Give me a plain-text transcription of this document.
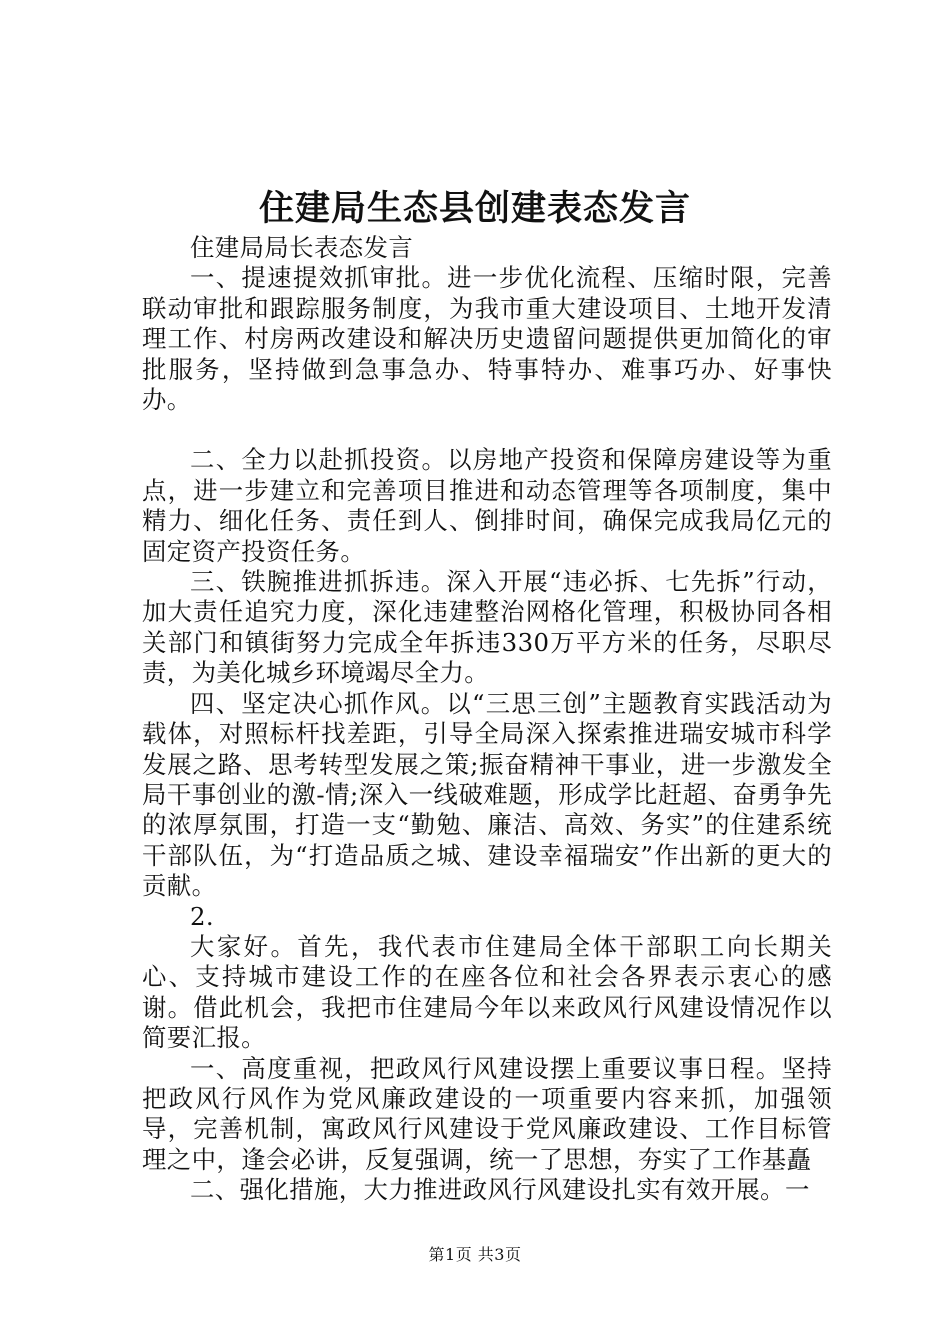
住建局生态县创建表态发言

住建局局长表态发言

一、提速提效抓审批。进一步优化流程、压缩时限，完善联动审批和跟踪服务制度，为我市重大建设项目、土地开发清理工作、村房两改建设和解决历史遗留问题提供更加简化的审批服务，坚持做到急事急办、特事特办、难事巧办、好事快办。

二、全力以赴抓投资。以房地产投资和保障房建设等为重点，进一步建立和完善项目推进和动态管理等各项制度，集中精力、细化任务、责任到人、倒排时间，确保完成我局亿元的固定资产投资任务。

三、铁腕推进抓拆违。深入开展“违必拆、七先拆”行动，加大责任追究力度，深化违建整治网格化管理，积极协同各相关部门和镇街努力完成全年拆违330万平方米的任务，尽职尽责，为美化城乡环境竭尽全力。

四、坚定决心抓作风。以“三思三创”主题教育实践活动为载体，对照标杆找差距，引导全局深入探索推进瑞安城市科学发展之路、思考转型发展之策;振奋精神干事业，进一步激发全局干事创业的激-情;深入一线破难题，形成学比赶超、奋勇争先的浓厚氛围，打造一支“勤勉、廉洁、高效、务实”的住建系统干部队伍，为“打造品质之城、建设幸福瑞安”作出新的更大的贡献。

2.

大家好。首先，我代表市住建局全体干部职工向长期关心、支持城市建设工作的在座各位和社会各界表示衷心的感谢。借此机会，我把市住建局今年以来政风行风建设情况作以简要汇报。

一、高度重视，把政风行风建设摆上重要议事日程。坚持把政风行风作为党风廉政建设的一项重要内容来抓，加强领导，完善机制，寓政风行风建设于党风廉政建设、工作目标管理之中，逢会必讲，反复强调，统一了思想，夯实了工作基矗

二、强化措施，大力推进政风行风建设扎实有效开展。一

第1页 共3页
